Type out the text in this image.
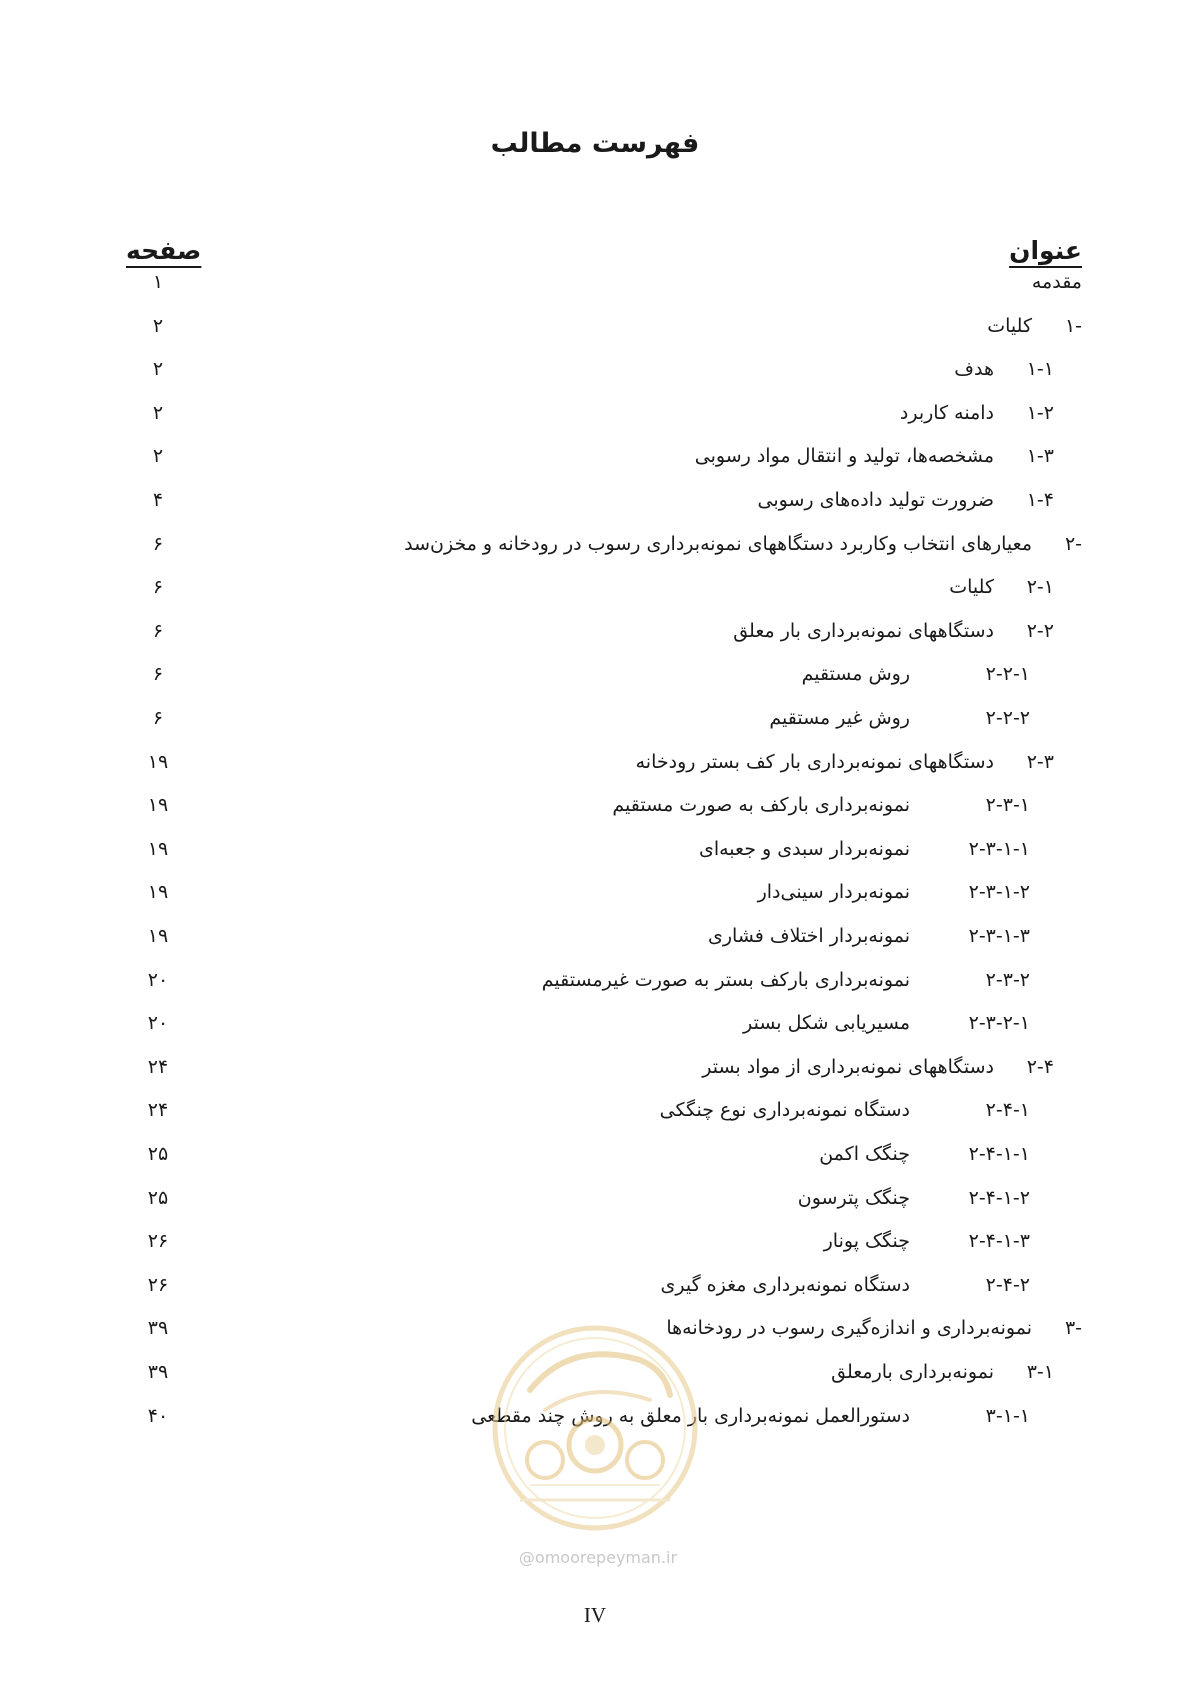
فهرست مطالب
عنوان
صفحه
مقدمه
۱
۱-
کلیات
۲
۱-۱
هدف
۲
۱-۲
دامنه کاربرد
۲
۱-۳
مشخصه‌ها، تولید و انتقال مواد رسوبی
۲
۱-۴
ضرورت تولید داده‌های رسوبی
۴
۲-
معیارهای انتخاب وکاربرد دستگاههای نمونه‌برداری رسوب در رودخانه و مخزن‌سد
۶
۲-۱
کلیات
۶
۲-۲
دستگاههای نمونه‌برداری بار معلق
۶
۲-۲-۱
روش مستقیم
۶
۲-۲-۲
روش غیر مستقیم
۶
۲-۳
دستگاههای نمونه‌برداری بار کف بستر رودخانه
۱۹
۲-۳-۱
نمونه‌برداری بارکف به صورت مستقیم
۱۹
۲-۳-۱-۱
نمونه‌بردار سبدی و جعبه‌ای
۱۹
۲-۳-۱-۲
نمونه‌بردار سینی‌دار
۱۹
۲-۳-۱-۳
نمونه‌بردار اختلاف فشاری
۱۹
۲-۳-۲
نمونه‌برداری بارکف بستر به صورت غیرمستقیم
۲۰
۲-۳-۲-۱
مسیریابی شکل بستر
۲۰
۲-۴
دستگاههای نمونه‌برداری از مواد بستر
۲۴
۲-۴-۱
دستگاه نمونه‌برداری نوع چنگکی
۲۴
۲-۴-۱-۱
چنگک اکمن
۲۵
۲-۴-۱-۲
چنگک پترسون
۲۵
۲-۴-۱-۳
چنگک پونار
۲۶
۲-۴-۲
دستگاه نمونه‌برداری مغزه گیری
۲۶
۳-
نمونه‌برداری و اندازه‌گیری رسوب در رودخانه‌ها
۳۹
۳-۱
نمونه‌برداری بارمعلق
۳۹
۳-۱-۱
دستورالعمل نمونه‌برداری بار معلق به روش چند مقطعی
۴۰
@omoorepeyman.ir
IV
